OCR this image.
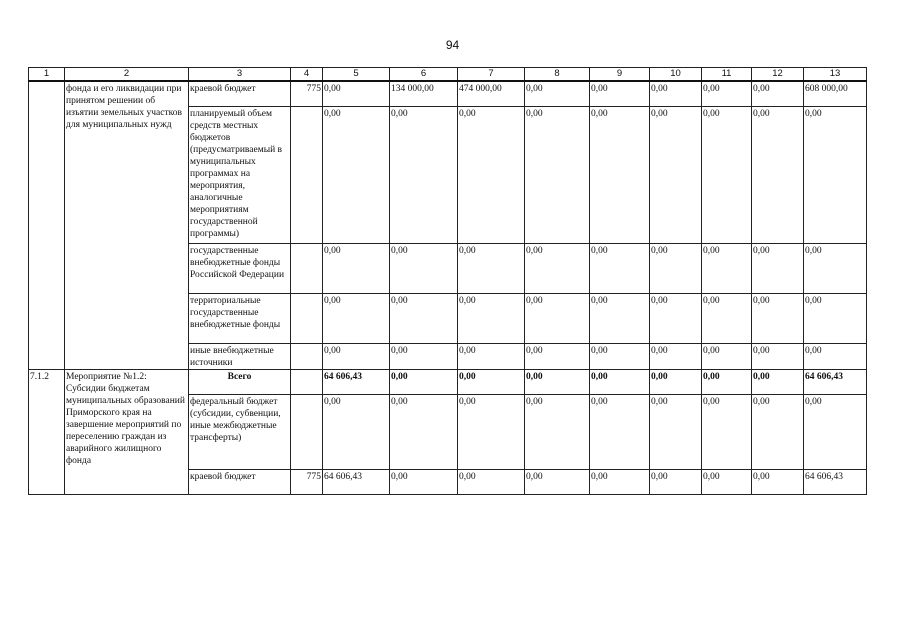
94
1	2	3	4	5	6	7	8	9	10	11	12	13
	фонда и его ликвидации при принятом решении об изъятии земельных участков для муниципальных нужд	краевой бюджет	775	0,00	134 000,00	474 000,00	0,00	0,00	0,00	0,00	0,00	608 000,00
		планируемый объем средств местных бюджетов (предусматриваемый в муниципальных программах на мероприятия, аналогичные мероприятиям государственной программы)		0,00	0,00	0,00	0,00	0,00	0,00	0,00	0,00	0,00
		государственные внебюджетные фонды Российской Федерации		0,00	0,00	0,00	0,00	0,00	0,00	0,00	0,00	0,00
		территориальные государственные внебюджетные фонды		0,00	0,00	0,00	0,00	0,00	0,00	0,00	0,00	0,00
		иные внебюджетные источники		0,00	0,00	0,00	0,00	0,00	0,00	0,00	0,00	0,00
7.1.2	Мероприятие №1.2: Субсидии бюджетам муниципальных образований Приморского края на завершение мероприятий по переселению граждан из аварийного жилищного фонда	Всего		64 606,43	0,00	0,00	0,00	0,00	0,00	0,00	0,00	64 606,43
		федеральный бюджет (субсидии, субвенции, иные межбюджетные трансферты)		0,00	0,00	0,00	0,00	0,00	0,00	0,00	0,00	0,00
		краевой бюджет	775	64 606,43	0,00	0,00	0,00	0,00	0,00	0,00	0,00	64 606,43
